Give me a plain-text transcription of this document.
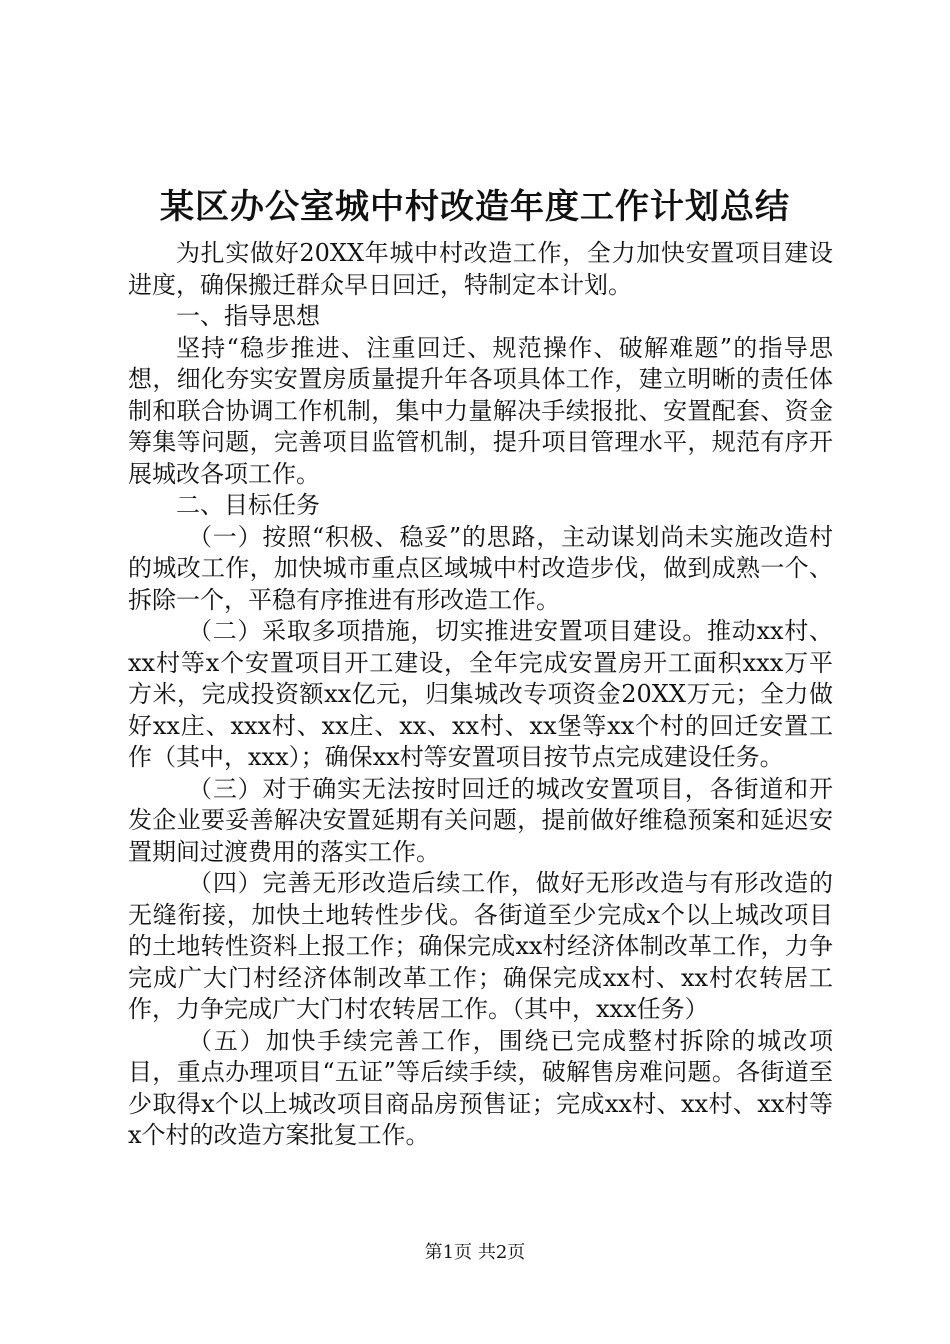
某区办公室城中村改造年度工作计划总结

为扎实做好20XX年城中村改造工作，全力加快安置项目建设进度，确保搬迁群众早日回迁，特制定本计划。

一、指导思想

坚持“稳步推进、注重回迁、规范操作、破解难题”的指导思想，细化夯实安置房质量提升年各项具体工作，建立明晰的责任体制和联合协调工作机制，集中力量解决手续报批、安置配套、资金筹集等问题，完善项目监管机制，提升项目管理水平，规范有序开展城改各项工作。

二、目标任务

（一）按照“积极、稳妥”的思路，主动谋划尚未实施改造村的城改工作，加快城市重点区域城中村改造步伐，做到成熟一个、拆除一个，平稳有序推进有形改造工作。

（二）采取多项措施，切实推进安置项目建设。推动xx村、xx村等x个安置项目开工建设，全年完成安置房开工面积xxx万平方米，完成投资额xx亿元，归集城改专项资金20XX万元；全力做好xx庄、xxx村、xx庄、xx、xx村、xx堡等xx个村的回迁安置工作（其中，xxx）；确保xx村等安置项目按节点完成建设任务。

（三）对于确实无法按时回迁的城改安置项目，各街道和开发企业要妥善解决安置延期有关问题，提前做好维稳预案和延迟安置期间过渡费用的落实工作。

（四）完善无形改造后续工作，做好无形改造与有形改造的无缝衔接，加快土地转性步伐。各街道至少完成x个以上城改项目的土地转性资料上报工作；确保完成xx村经济体制改革工作，力争完成广大门村经济体制改革工作；确保完成xx村、xx村农转居工作，力争完成广大门村农转居工作。（其中，xxx任务）

（五）加快手续完善工作，围绕已完成整村拆除的城改项目，重点办理项目“五证”等后续手续，破解售房难问题。各街道至少取得x个以上城改项目商品房预售证；完成xx村、xx村、xx村等x个村的改造方案批复工作。

第1页 共2页
